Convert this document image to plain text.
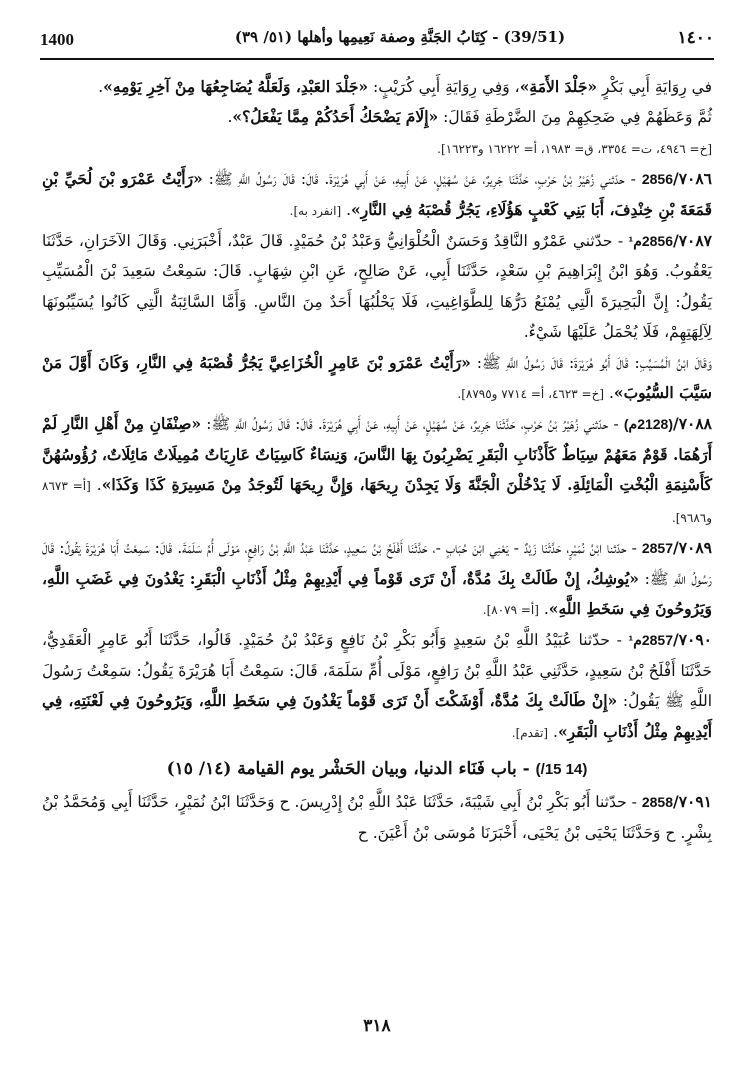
1400	(39/51) - كِتَابُ الجَنَّةِ وصفة نَعِيمِها وأهلها (٥١/ ٣٩)	١٤٠٠

في رِوَايَةِ أَبِي بَكْرٍ «جَلْدَ الأَمَةِ»، وَفِي رِوَايَةِ أَبِي كُرَيْبٍ: «جَلْدَ العَبْدِ، وَلَعَلَّهُ يُضَاجِعُهَا مِنْ آخِرِ يَوْمِهِ».

ثُمَّ وَعَظَهُمْ فِي ضَحِكِهِمْ مِنَ الضَّرْطَةِ فَقَالَ: «إِلَامَ يَضْحَكُ أَحَدُكُمْ مِمَّا يَفْعَلُ؟».
[خ= ٤٩٤٦، ت= ٣٣٥٤، ق= ١٩٨٣، أ= ١٦٢٢٢ و١٦٢٢٣].

٧٠٨٦/2856 - حدّثني زُهَيْرُ بْنُ حَرْبٍ، حَدَّثَنَا جَرِيرٌ، عَنْ سُهَيْلٍ، عَنْ أَبِيهِ، عَنْ أَبِي هُرَيْرَةَ. قَالَ: قَالَ رَسُولُ اللَّهِ ﷺ: «رَأَيْتُ عَمْرَو بْنَ لُحَيِّ بْنِ قَمَعَةَ بْنِ خِنْدِفَ، أَبَا بَنِي كَعْبٍ هَؤُلَاءِ، يَجُرُّ قُصْبَهُ فِي النَّارِ». [انفرد به].

٧٠٨٧/2856م¹ - حدّثني عَمْرٌو النَّاقِدُ وَحَسَنٌ الْحُلْوَانِيُّ وَعَبْدُ بْنُ حُمَيْدٍ. قَالَ عَبْدٌ، أَخْبَرَنِي. وَقَالَ الآخَرَانِ، حَدَّثَنَا يَعْقُوبُ. وَهُوَ ابْنُ إِبْرَاهِيمَ بْنِ سَعْدٍ، حَدَّثَنَا أَبِي، عَنْ صَالِحٍ، عَنِ ابْنِ شِهَابٍ. قَالَ: سَمِعْتُ سَعِيدَ بْنَ الْمُسَيِّبِ يَقُولُ: إِنَّ الْبَحِيرَةَ الَّتِي يُمْنَعُ دَرُّهَا لِلطَّوَاغِيتِ، فَلَا يَحْلُبُهَا أَحَدٌ مِنَ النَّاسِ. وَأَمَّا السَّائِبَةُ الَّتِي كَانُوا يُسَيِّبُونَهَا لِآلِهَتِهِمْ، فَلَا يُحْمَلُ عَلَيْهَا شَيْءٌ.

وَقَالَ ابْنُ الْمُسَيِّبِ: قَالَ أَبُو هُرَيْرَةَ: قَالَ رَسُولُ اللَّهِ ﷺ: «رَأَيْتُ عَمْرَو بْنَ عَامِرٍ الْخُزَاعِيَّ يَجُرُّ قُصْبَهُ فِي النَّارِ، وَكَانَ أَوَّلَ مَنْ سَيَّبَ السُّيُوبَ». [خ= ٤٦٢٣، أ= ٧٧١٤ و٨٧٩٥].

٧٠٨٨/(2128م) - حدّثني زُهَيْرُ بْنُ حَرْبٍ، حَدَّثَنَا جَرِيرٌ، عَنْ سُهَيْلٍ، عَنْ أَبِيهِ، عَنْ أَبِي هُرَيْرَةَ. قَالَ: قَالَ رَسُولُ اللَّهِ ﷺ: «صِنْفَانِ مِنْ أَهْلِ النَّارِ لَمْ أَرَهُمَا. قَوْمٌ مَعَهُمْ سِيَاطٌ كَأَذْنَابِ الْبَقَرِ يَضْرِبُونَ بِهَا النَّاسَ، وَنِسَاءٌ كَاسِيَاتٌ عَارِيَاتٌ مُمِيلَاتٌ مَائِلَاتٌ، رُؤُوسُهُنَّ كَأَسْنِمَةِ الْبُخْتِ الْمَائِلَةِ. لَا يَدْخُلْنَ الْجَنَّةَ وَلَا يَجِدْنَ رِيحَهَا، وَإِنَّ رِيحَهَا لَتُوجَدُ مِنْ مَسِيرَةِ كَذَا وَكَذَا». [أ= ٨٦٧٣ و٩٦٨٦].

٧٠٨٩/2857 - حدّثنا ابْنُ نُمَيْرٍ، حَدَّثَنَا زَيْدٌ - يَعْنِي ابْنَ حُبَابٍ -، حَدَّثَنَا أَفْلَحُ بْنُ سَعِيدٍ، حَدَّثَنَا عَبْدُ اللَّهِ بْنُ رَافِعٍ، مَوْلَى أُمِّ سَلَمَةَ. قَالَ: سَمِعْتُ أَبَا هُرَيْرَةَ يَقُولُ: قَالَ رَسُولُ اللَّهِ ﷺ: «يُوشِكُ، إِنْ طَالَتْ بِكَ مُدَّةٌ، أَنْ تَرَى قَوْماً فِي أَيْدِيهِمْ مِثْلُ أَذْنَابِ الْبَقَرِ: يَغْدُونَ فِي غَضَبِ اللَّهِ، وَيَرُوحُونَ فِي سَخَطِ اللَّهِ». [أ= ٨٠٧٩].

٧٠٩٠/2857م¹ - حدّثنا عُبَيْدُ اللَّهِ بْنُ سَعِيدٍ وَأَبُو بَكْرِ بْنُ نَافِعٍ وَعَبْدُ بْنُ حُمَيْدٍ. قَالُوا، حَدَّثَنَا أَبُو عَامِرٍ الْعَقَدِيُّ، حَدَّثَنَا أَفْلَحُ بْنُ سَعِيدٍ، حَدَّثَنِي عَبْدُ اللَّهِ بْنُ رَافِعٍ، مَوْلَى أُمِّ سَلَمَةَ، قَالَ: سَمِعْتُ أَبَا هُرَيْرَةَ يَقُولُ: سَمِعْتُ رَسُولَ اللَّهِ ﷺ يَقُولُ: «إِنْ طَالَتْ بِكَ مُدَّةٌ، أَوْشَكْتَ أَنْ تَرَى قَوْماً يَغْدُونَ فِي سَخَطِ اللَّهِ، وَيَرُوحُونَ فِي لَعْنَتِهِ، فِي أَيْدِيهِمْ مِثْلُ أَذْنَابِ الْبَقَرِ». [تقدم].

(14 15/) - باب فَنَاء الدنيا، وبيان الحَشْر يوم القيامة (١٤/ ١٥)

٧٠٩١/2858 - حدّثنا أَبُو بَكْرِ بْنُ أَبِي شَيْبَةَ، حَدَّثَنَا عَبْدُ اللَّهِ بْنُ إِدْرِيسَ. ح وَحَدَّثَنَا ابْنُ نُمَيْرٍ، حَدَّثَنَا أَبِي وَمُحَمَّدُ بْنُ بِشْرٍ. ح وَحَدَّثَنَا يَحْيَى بْنُ يَحْيَى، أَخْبَرَنَا مُوسَى بْنُ أَعْيَنَ. ح

٣١٨
